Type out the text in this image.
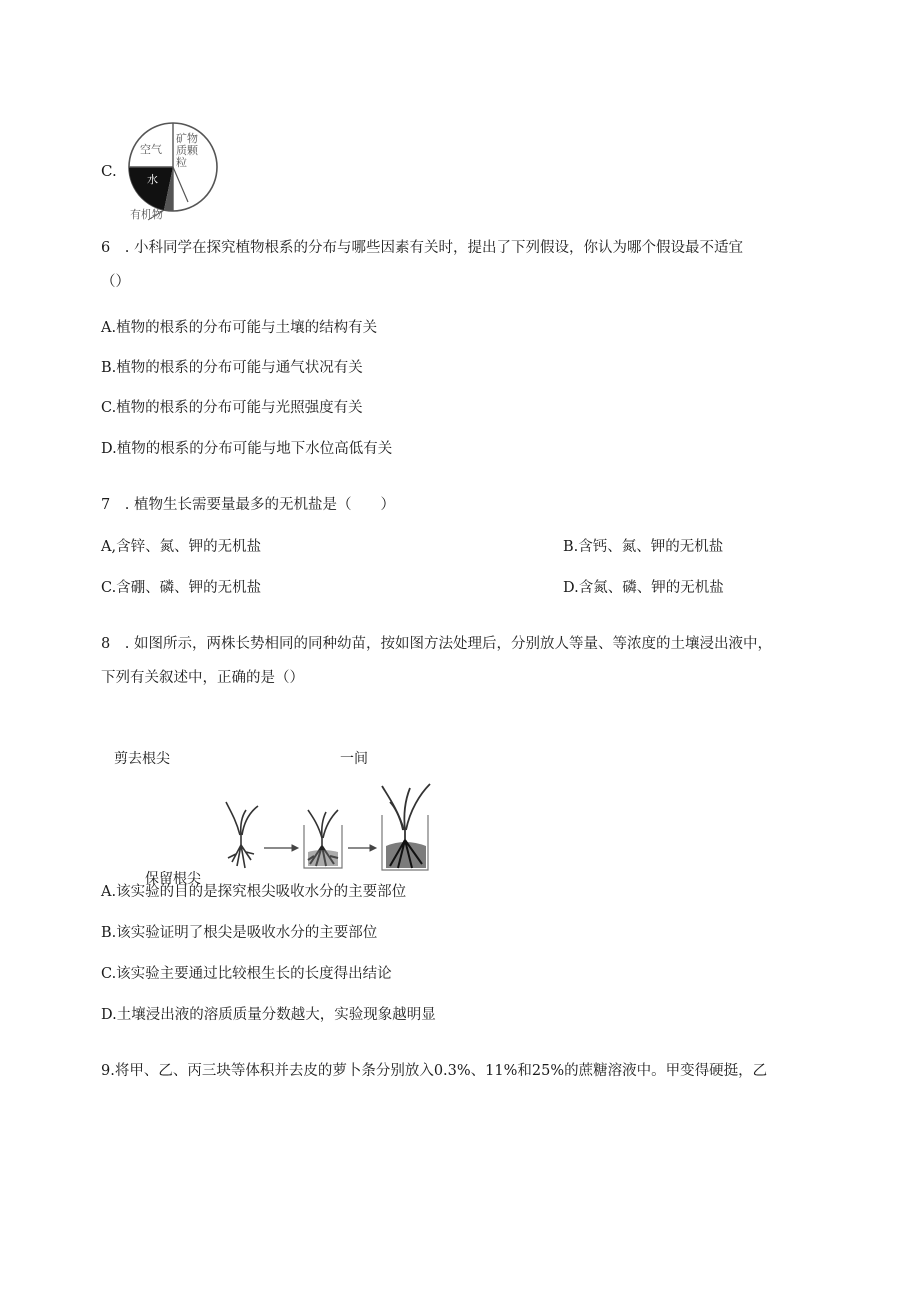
C.
空气
矿物质颗粒
水
有机物
6　. 小科同学在探究植物根系的分布与哪些因素有关时，提出了下列假设，你认为哪个假设最不适宜
（）
A.植物的根系的分布可能与土壤的结构有关
B.植物的根系的分布可能与通气状况有关
C.植物的根系的分布可能与光照强度有关
D.植物的根系的分布可能与地下水位高低有关
7　. 植物生长需要量最多的无机盐是（　　）
A,含锌、氮、钾的无机盐	B.含钙、氮、钾的无机盐
C.含硼、磷、钾的无机盐	D.含氮、磷、钾的无机盐
8　. 如图所示，两株长势相同的同种幼苗，按如图方法处理后，分别放人等量、等浓度的土壤浸出液中，
下列有关叙述中，正确的是（）
剪去根尖	一间
保留根尖
A.该实验的目的是探究根尖吸收水分的主要部位
B.该实验证明了根尖是吸收水分的主要部位
C.该实验主要通过比较根生长的长度得出结论
D.土壤浸出液的溶质质量分数越大，实验现象越明显
9.将甲、乙、丙三块等体积并去皮的萝卜条分别放入0.3%、11%和25%的蔗糖溶液中。甲变得硬挺，乙
